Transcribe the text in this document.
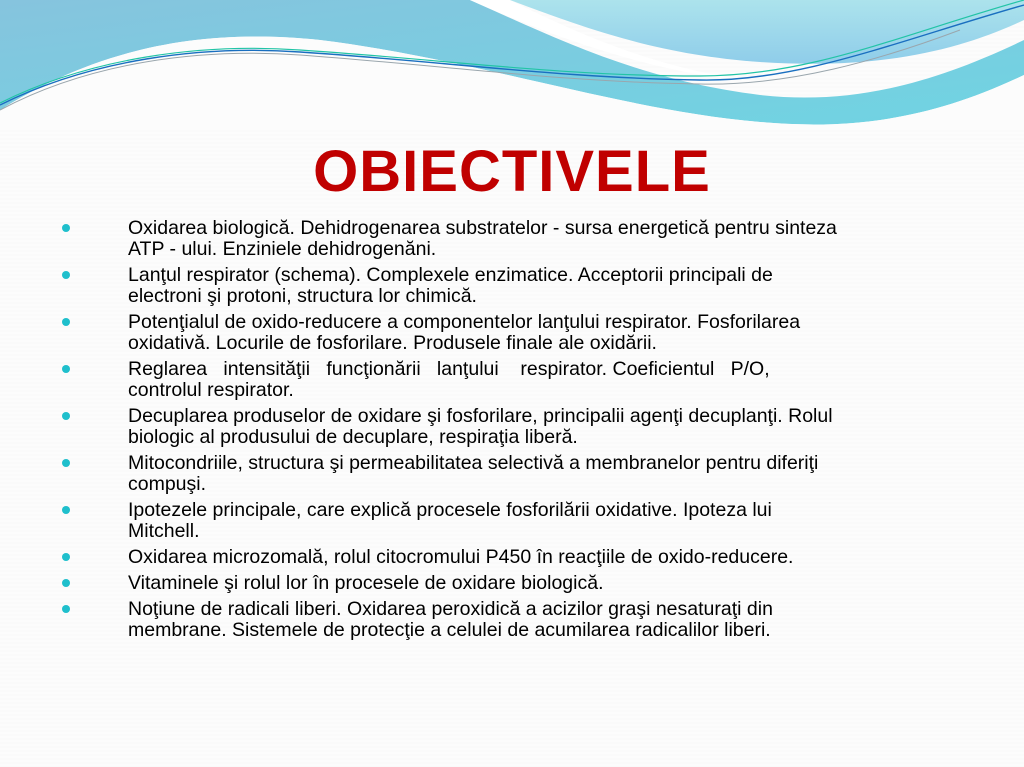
OBIECTIVELE
Oxidarea biologică. Dehidrogenarea substratelor - sursa energetică pentru sinteza
ATP - ului. Enziniele dehidrogenăni.
Lanţul respirator (schema). Complexele enzimatice. Acceptorii principali de
electroni şi protoni, structura lor chimică.
Potenţialul de oxido-reducere a componentelor lanţului respirator. Fosforilarea
oxidativă. Locurile de fosforilare. Produsele finale ale oxidării.
Reglarea   intensităţii   funcţionării   lanţului    respirator. Coeficientul   P/O,
controlul respirator.
Decuplarea produselor de oxidare şi fosforilare, principalii agenţi decuplanţi. Rolul
biologic al produsului de decuplare, respiraţia liberă.
Mitocondriile, structura şi permeabilitatea selectivă a membranelor pentru diferiţi
compuşi.
Ipotezele principale, care explică procesele fosforilării oxidative. Ipoteza lui
Mitchell.
Oxidarea microzomală, rolul citocromului P450 în reacţiile de oxido-reducere.
Vitaminele şi rolul lor în procesele de oxidare biologică.
Noţiune de radicali liberi. Oxidarea peroxidică a acizilor graşi nesaturaţi din
membrane. Sistemele de protecţie a celulei de acumilarea radicalilor liberi.
